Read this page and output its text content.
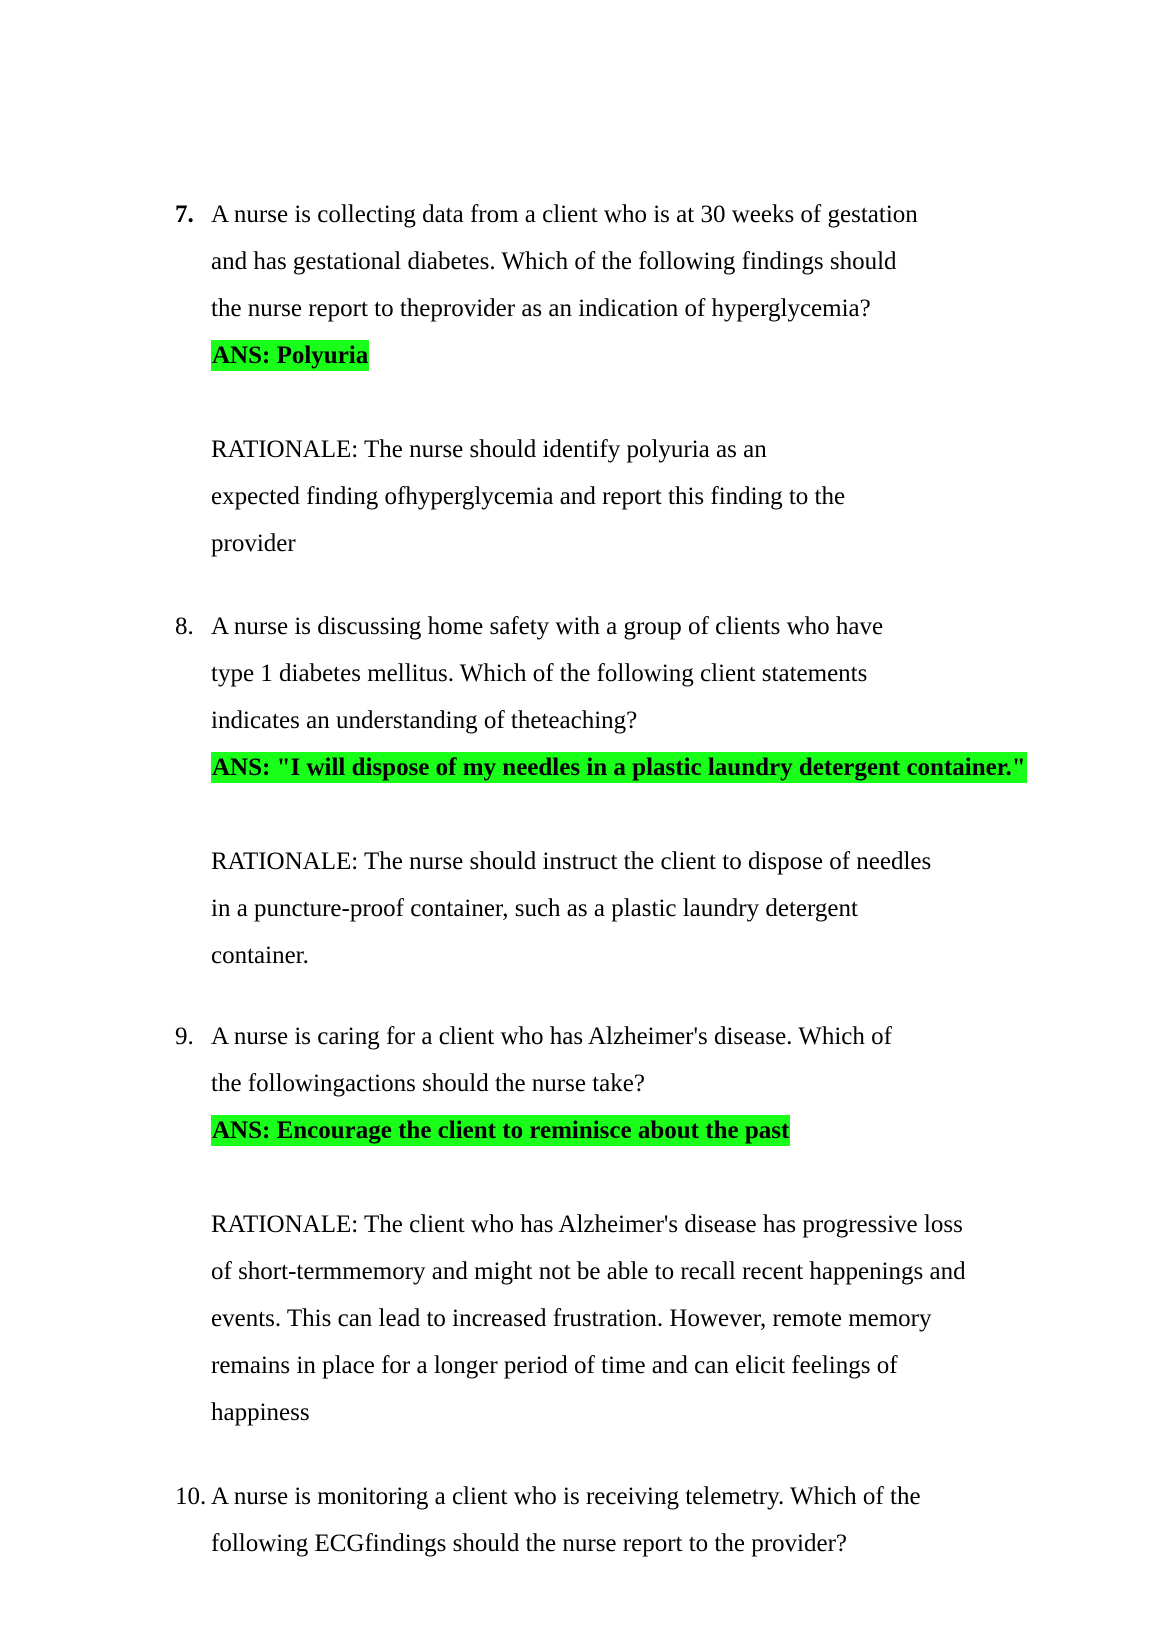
7. A nurse is collecting data from a client who is at 30 weeks of gestation
and has gestational diabetes. Which of the following findings should
the nurse report to theprovider as an indication of hyperglycemia?
ANS: Polyuria
RATIONALE: The nurse should identify polyuria as an
expected finding ofhyperglycemia and report this finding to the
provider
8. A nurse is discussing home safety with a group of clients who have
type 1 diabetes mellitus. Which of the following client statements
indicates an understanding of theteaching?
ANS: "I will dispose of my needles in a plastic laundry detergent container."
RATIONALE: The nurse should instruct the client to dispose of needles
in a puncture-proof container, such as a plastic laundry detergent
container.
9. A nurse is caring for a client who has Alzheimer's disease. Which of
the followingactions should the nurse take?
ANS: Encourage the client to reminisce about the past
RATIONALE: The client who has Alzheimer's disease has progressive loss
of short-termmemory and might not be able to recall recent happenings and
events. This can lead to increased frustration. However, remote memory
remains in place for a longer period of time and can elicit feelings of
happiness
10. A nurse is monitoring a client who is receiving telemetry. Which of the
following ECGfindings should the nurse report to the provider?
